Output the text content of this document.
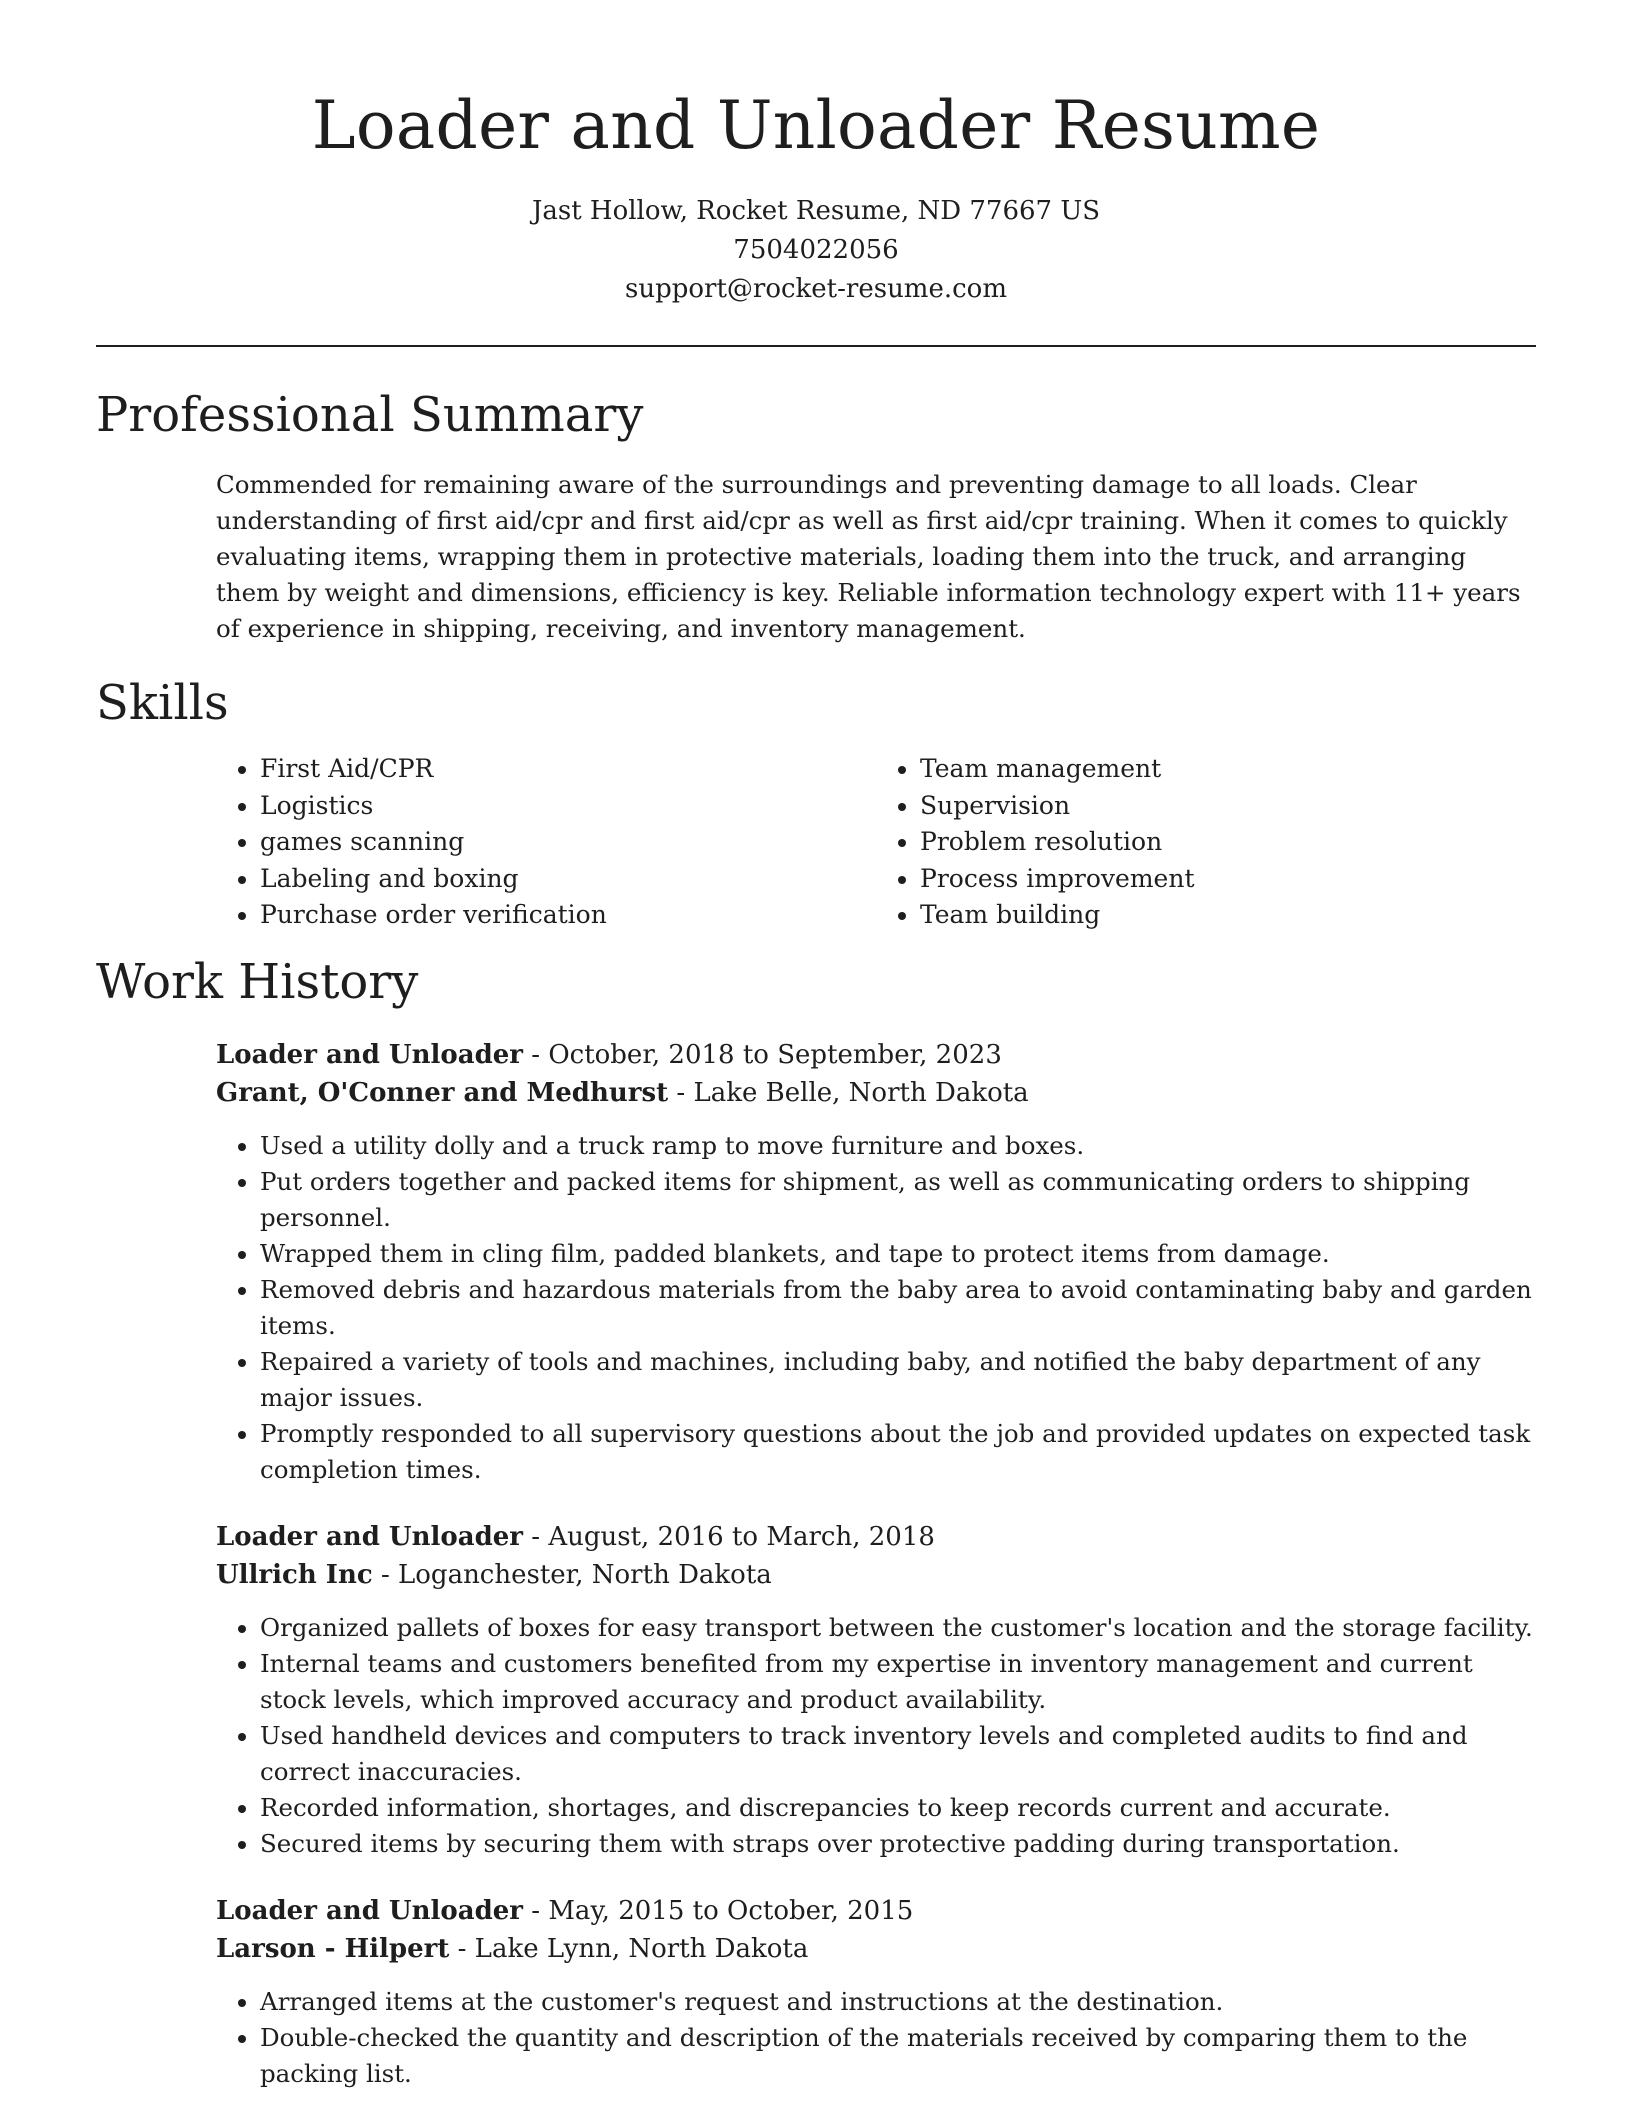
Loader and Unloader Resume
Jast Hollow, Rocket Resume, ND 77667 US
7504022056
support@rocket-resume.com
Professional Summary
Commended for remaining aware of the surroundings and preventing damage to all loads. Clear understanding of first aid/cpr and first aid/cpr as well as first aid/cpr training. When it comes to quickly evaluating items, wrapping them in protective materials, loading them into the truck, and arranging them by weight and dimensions, efficiency is key. Reliable information technology expert with 11+ years of experience in shipping, receiving, and inventory management.
Skills
• First Aid/CPR
• Logistics
• games scanning
• Labeling and boxing
• Purchase order verification
• Team management
• Supervision
• Problem resolution
• Process improvement
• Team building
Work History
Loader and Unloader - October, 2018 to September, 2023
Grant, O'Conner and Medhurst - Lake Belle, North Dakota
• Used a utility dolly and a truck ramp to move furniture and boxes.
• Put orders together and packed items for shipment, as well as communicating orders to shipping personnel.
• Wrapped them in cling film, padded blankets, and tape to protect items from damage.
• Removed debris and hazardous materials from the baby area to avoid contaminating baby and garden items.
• Repaired a variety of tools and machines, including baby, and notified the baby department of any major issues.
• Promptly responded to all supervisory questions about the job and provided updates on expected task completion times.
Loader and Unloader - August, 2016 to March, 2018
Ullrich Inc - Loganchester, North Dakota
• Organized pallets of boxes for easy transport between the customer's location and the storage facility.
• Internal teams and customers benefited from my expertise in inventory management and current stock levels, which improved accuracy and product availability.
• Used handheld devices and computers to track inventory levels and completed audits to find and correct inaccuracies.
• Recorded information, shortages, and discrepancies to keep records current and accurate.
• Secured items by securing them with straps over protective padding during transportation.
Loader and Unloader - May, 2015 to October, 2015
Larson - Hilpert - Lake Lynn, North Dakota
• Arranged items at the customer's request and instructions at the destination.
• Double-checked the quantity and description of the materials received by comparing them to the packing list.
